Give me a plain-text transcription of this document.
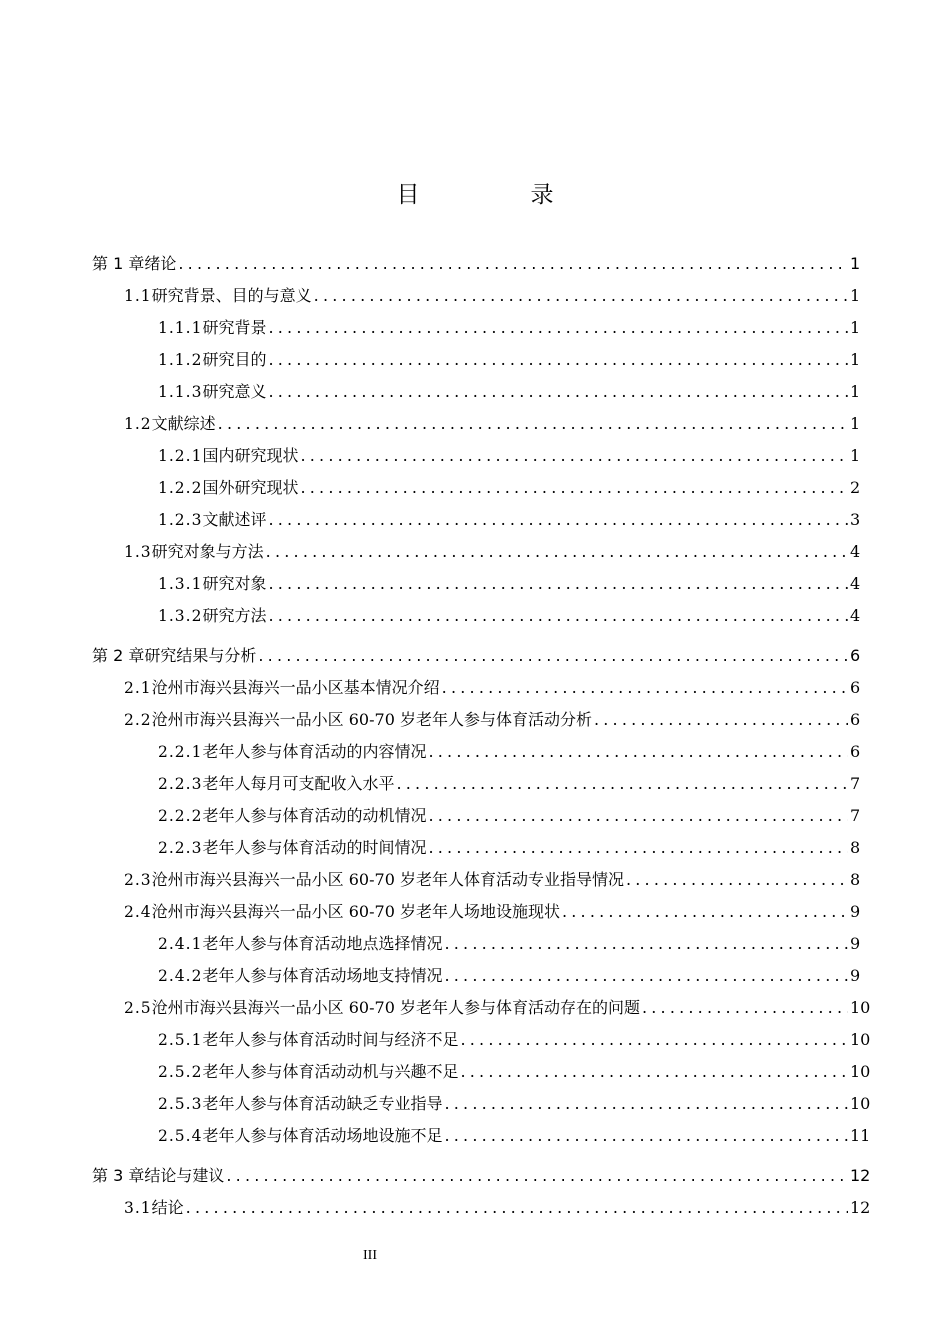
目　录
第 1 章 绪论 .....	1
1.1 研究背景、目的与意义 .....	1
1.1.1 研究背景 .....	1
1.1.2 研究目的 .....	1
1.1.3 研究意义 .....	1
1.2 文献综述 .....	1
1.2.1 国内研究现状 .....	1
1.2.2 国外研究现状 .....	2
1.2.3 文献述评 .....	3
1.3 研究对象与方法 .....	4
1.3.1 研究对象 .....	4
1.3.2 研究方法 .....	4
第 2 章 研究结果与分析 .....	6
2.1 沧州市海兴县海兴一品小区基本情况介绍 .....	6
2.2 沧州市海兴县海兴一品小区 60-70 岁老年人参与体育活动分析 .....	6
2.2.1 老年人参与体育活动的内容情况 .....	6
2.2.3 老年人每月可支配收入水平 .....	7
2.2.2 老年人参与体育活动的动机情况 .....	7
2.2.3 老年人参与体育活动的时间情况 .....	8
2.3 沧州市海兴县海兴一品小区 60-70 岁老年人体育活动专业指导情况 .....	8
2.4 沧州市海兴县海兴一品小区 60-70 岁老年人场地设施现状 .....	9
2.4.1 老年人参与体育活动地点选择情况 .....	9
2.4.2 老年人参与体育活动场地支持情况 .....	9
2.5 沧州市海兴县海兴一品小区 60-70 岁老年人参与体育活动存在的问题 .....	10
2.5.1 老年人参与体育活动时间与经济不足 .....	10
2.5.2 老年人参与体育活动动机与兴趣不足 .....	10
2.5.3 老年人参与体育活动缺乏专业指导 .....	10
2.5.4 老年人参与体育活动场地设施不足 .....	11
第 3 章 结论与建议 .....	12
3.1 结论 .....	12
III
